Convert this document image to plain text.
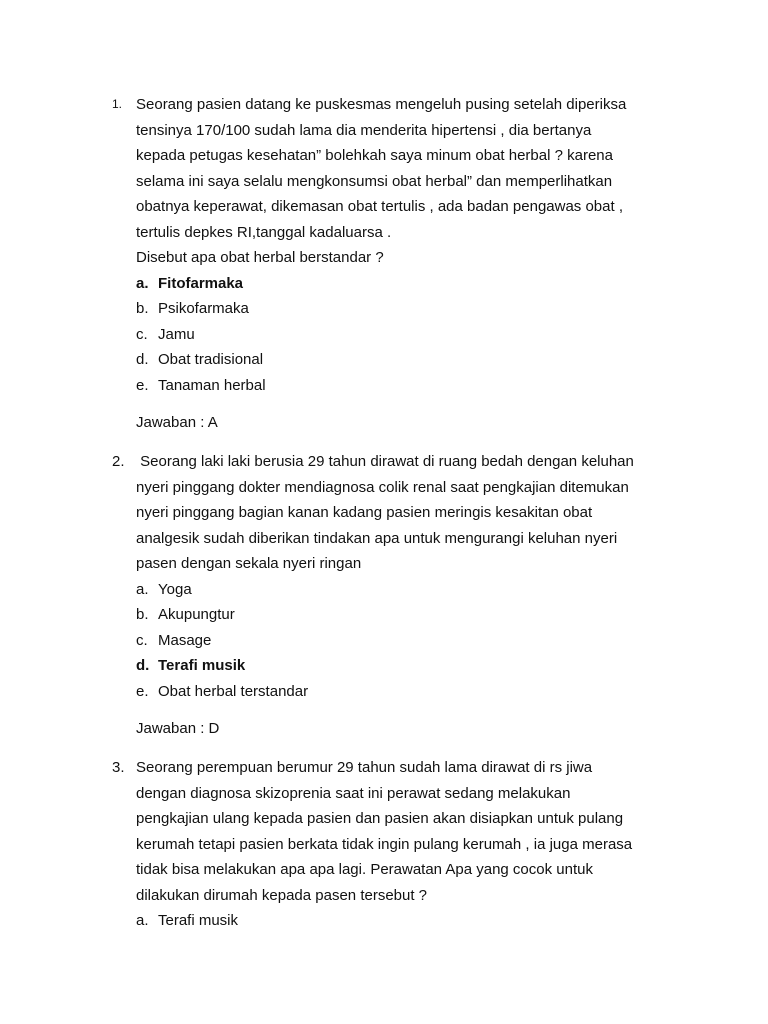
1. Seorang pasien datang ke puskesmas mengeluh pusing setelah diperiksa
tensinya 170/100 sudah lama dia menderita hipertensi , dia bertanya
kepada petugas kesehatan” bolehkah saya minum obat herbal ? karena
selama ini saya selalu mengkonsumsi obat herbal” dan memperlihatkan
obatnya keperawat, dikemasan obat tertulis , ada badan pengawas obat ,
tertulis depkes RI,tanggal kadaluarsa .
Disebut apa obat herbal berstandar ?
a. Fitofarmaka
b. Psikofarmaka
c. Jamu
d. Obat tradisional
e. Tanaman herbal
Jawaban : A
2. Seorang laki laki berusia 29 tahun dirawat di ruang bedah dengan keluhan
nyeri pinggang dokter mendiagnosa colik renal saat pengkajian ditemukan
nyeri pinggang bagian kanan kadang pasien meringis kesakitan obat
analgesik sudah diberikan tindakan apa untuk mengurangi keluhan nyeri
pasen dengan sekala nyeri ringan
a. Yoga
b. Akupungtur
c. Masage
d. Terafi musik
e. Obat herbal terstandar
Jawaban : D
3. Seorang perempuan berumur 29 tahun sudah lama dirawat di rs jiwa
dengan diagnosa skizoprenia saat ini perawat sedang melakukan
pengkajian ulang kepada pasien dan pasien akan disiapkan untuk pulang
kerumah tetapi pasien berkata tidak ingin pulang kerumah , ia juga merasa
tidak bisa melakukan apa apa lagi. Perawatan Apa yang cocok untuk
dilakukan dirumah kepada pasen tersebut ?
a. Terafi musik
